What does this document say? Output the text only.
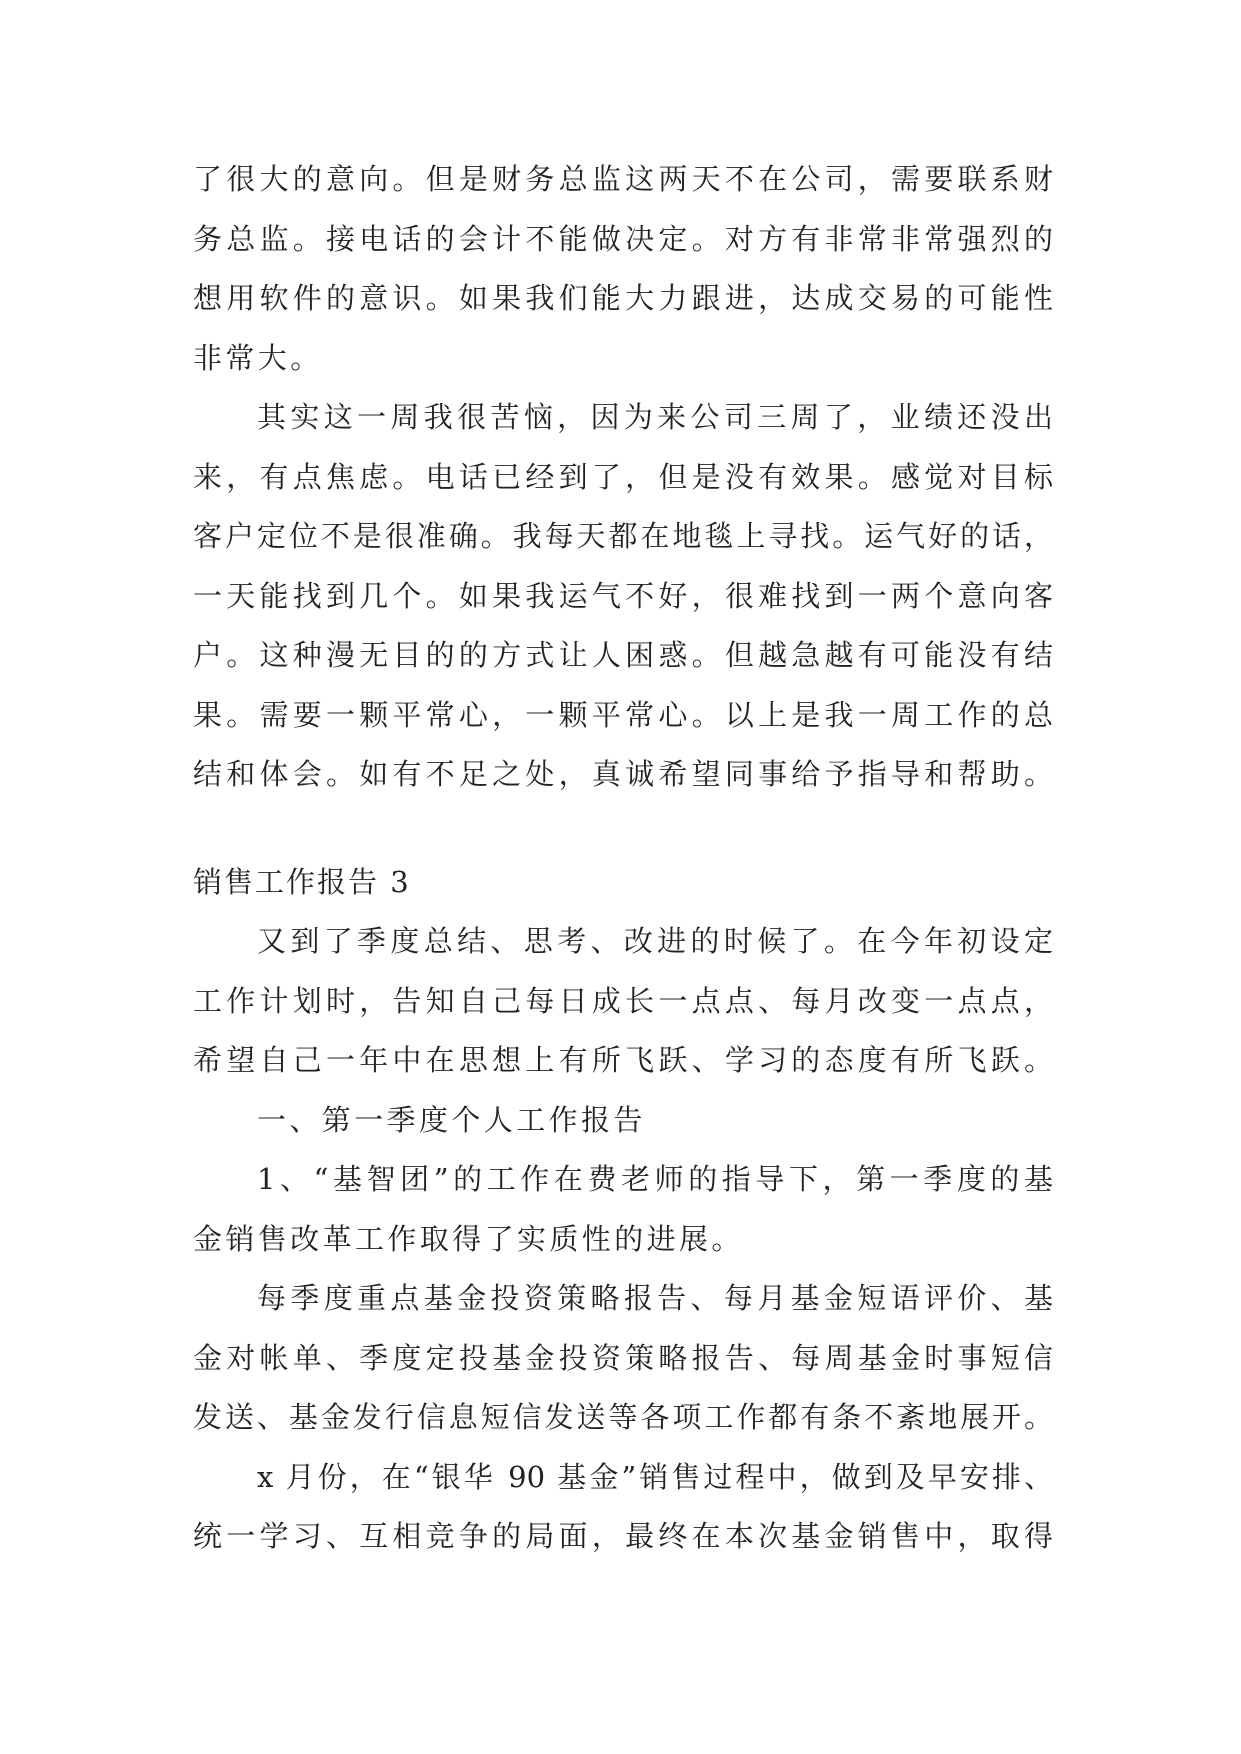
了很大的意向。但是财务总监这两天不在公司，需要联系财
务总监。接电话的会计不能做决定。对方有非常非常强烈的
想用软件的意识。如果我们能大力跟进，达成交易的可能性
非常大。
其实这一周我很苦恼，因为来公司三周了，业绩还没出
来，有点焦虑。电话已经到了，但是没有效果。感觉对目标
客户定位不是很准确。我每天都在地毯上寻找。运气好的话，
一天能找到几个。如果我运气不好，很难找到一两个意向客
户。这种漫无目的的方式让人困惑。但越急越有可能没有结
果。需要一颗平常心，一颗平常心。以上是我一周工作的总
结和体会。如有不足之处，真诚希望同事给予指导和帮助。
销售工作报告 3
又到了季度总结、思考、改进的时候了。在今年初设定
工作计划时，告知自己每日成长一点点、每月改变一点点，
希望自己一年中在思想上有所飞跃、学习的态度有所飞跃。
一、第一季度个人工作报告
1、“基智团”的工作在费老师的指导下，第一季度的基
金销售改革工作取得了实质性的进展。
每季度重点基金投资策略报告、每月基金短语评价、基
金对帐单、季度定投基金投资策略报告、每周基金时事短信
发送、基金发行信息短信发送等各项工作都有条不紊地展开。
x 月份，在“银华 90 基金”销售过程中，做到及早安排、
统一学习、互相竞争的局面，最终在本次基金销售中，取得
